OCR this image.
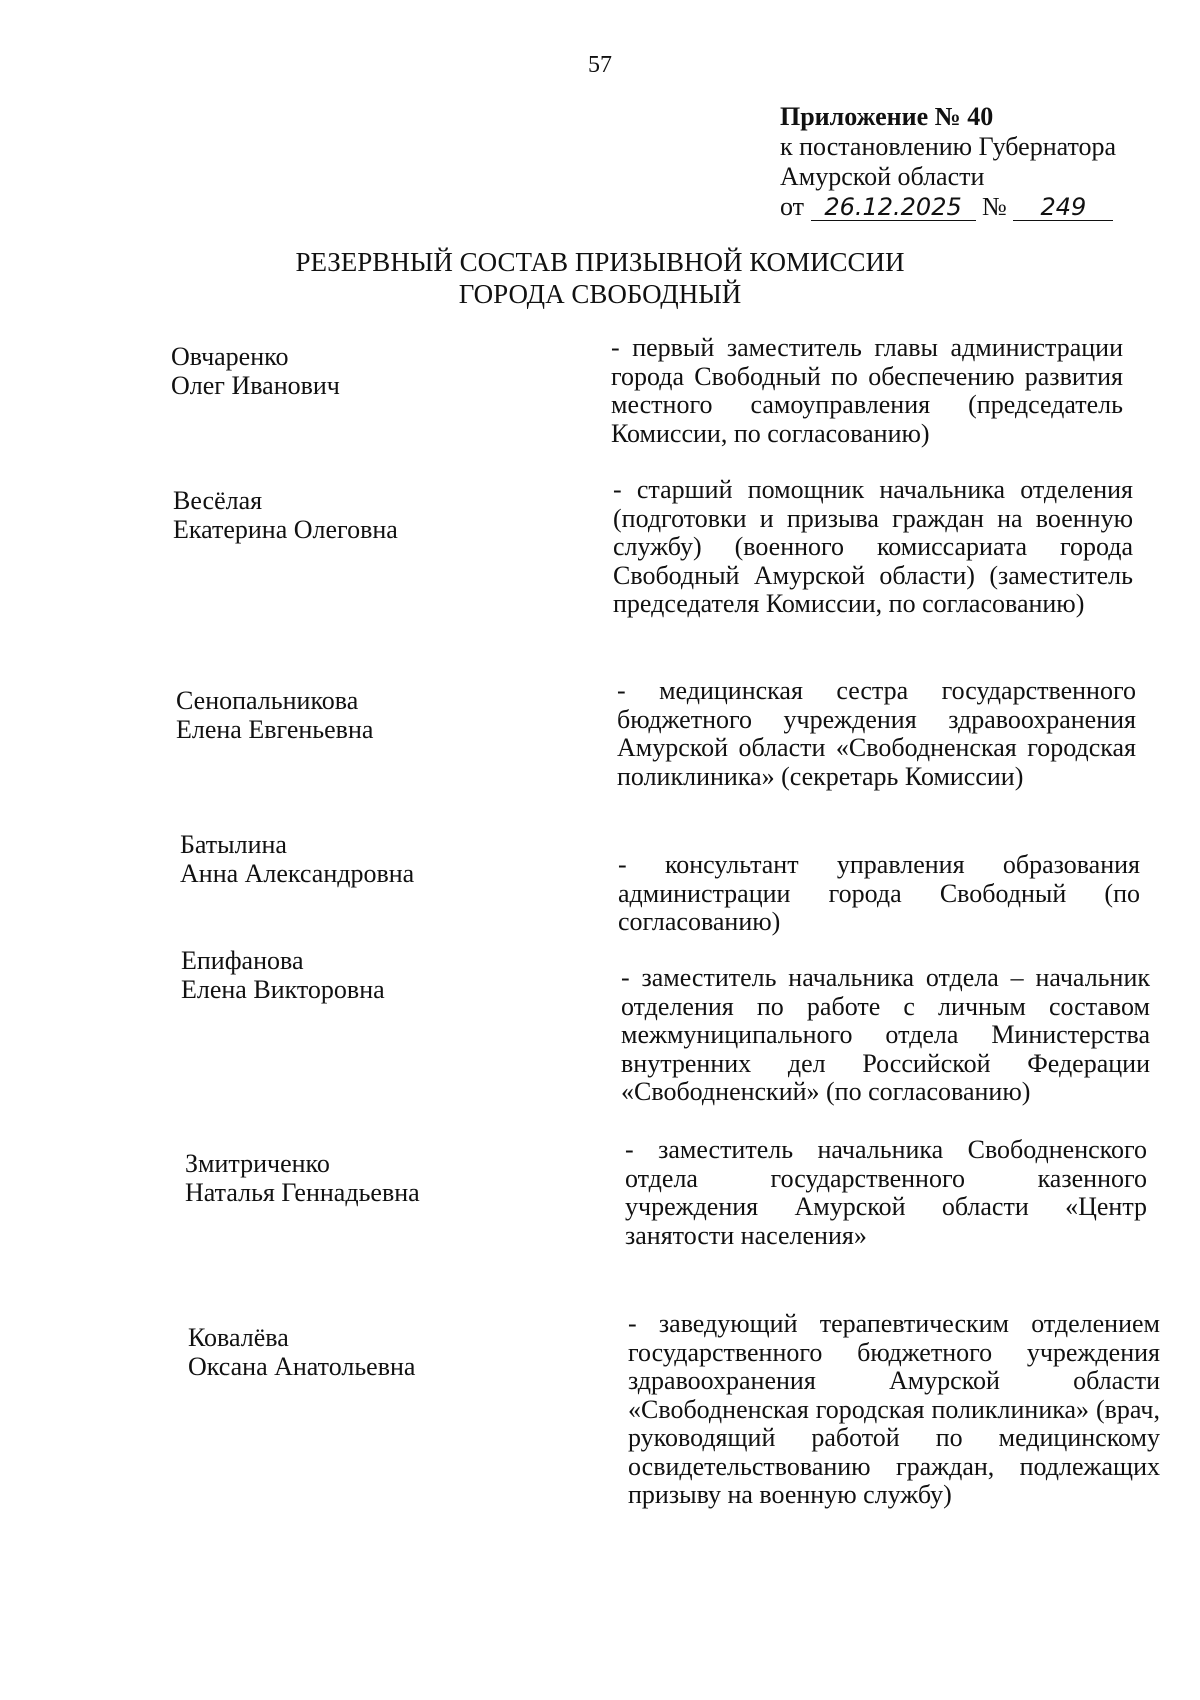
57
Приложение № 40
к постановлению Губернатора
Амурской области
от 26.12.2025 № 249
РЕЗЕРВНЫЙ СОСТАВ ПРИЗЫВНОЙ КОМИССИИ
ГОРОДА СВОБОДНЫЙ
Овчаренко
Олег Иванович
- первый заместитель главы администрации города Свободный по обеспечению развития местного самоуправления (председатель Комиссии, по согласованию)
Весёлая
Екатерина Олеговна
- старший помощник начальника отделения (подготовки и призыва граждан на военную службу) (военного комиссариата города Свободный Амурской области) (заместитель председателя Комиссии, по согласованию)
Сенопальникова
Елена Евгеньевна
- медицинская сестра государственного бюджетного учреждения здравоохранения Амурской области «Свободненская городская поликлиника» (секретарь Комиссии)
Батылина
Анна Александровна	- консультант управления образования администрации города Свободный (по согласованию)
Епифанова
Елена Викторовна	- заместитель начальника отдела – начальник отделения по работе с личным составом межмуниципального отдела Министерства внутренних дел Российской Федерации «Свободненский» (по согласованию)
Змитриченко
Наталья Геннадьевна
- заместитель начальника Свободненского отдела государственного казенного учреждения Амурской области «Центр занятости населения»
Ковалёва
Оксана Анатольевна
- заведующий терапевтическим отделением государственного бюджетного учреждения здравоохранения Амурской области «Свободненская городская поликлиника» (врач, руководящий работой по медицинскому освидетельствованию граждан, подлежащих призыву на военную службу)
